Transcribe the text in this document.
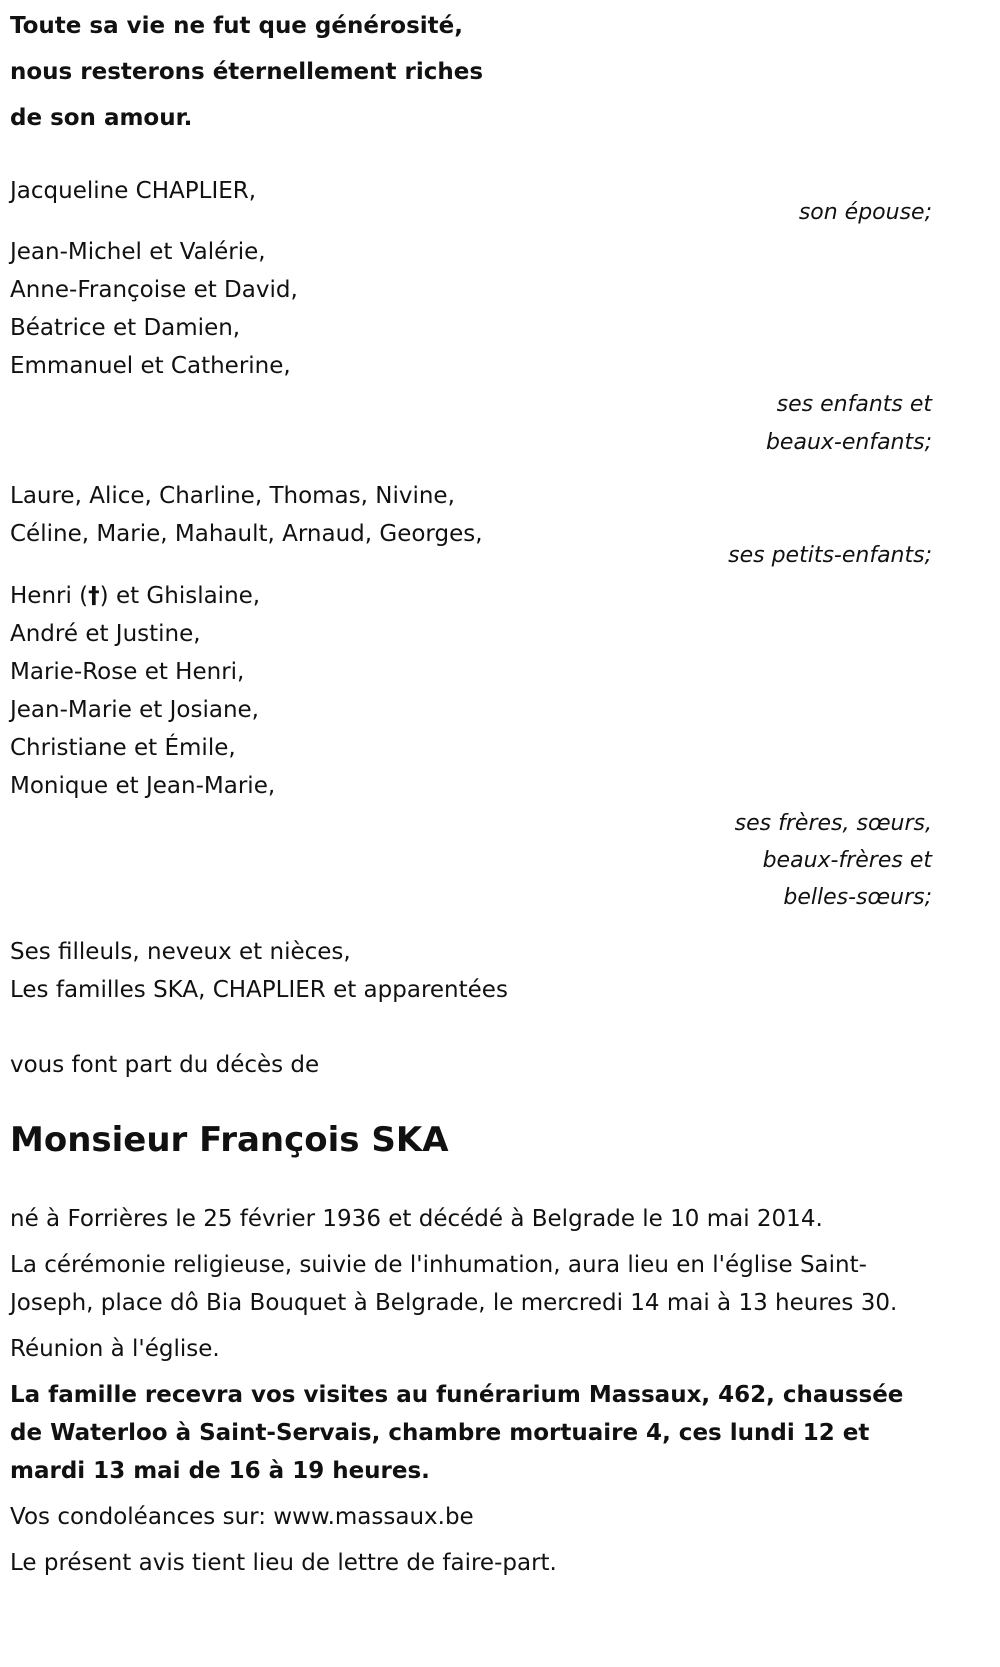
Toute sa vie ne fut que générosité,
nous resterons éternellement riches
de son amour.
Jacqueline CHAPLIER,
son épouse;
Jean-Michel et Valérie,
Anne-Françoise et David,
Béatrice et Damien,
Emmanuel et Catherine,
ses enfants et
beaux-enfants;
Laure, Alice, Charline, Thomas, Nivine,
Céline, Marie, Mahault, Arnaud, Georges,
ses petits-enfants;
Henri (†) et Ghislaine,
André et Justine,
Marie-Rose et Henri,
Jean-Marie et Josiane,
Christiane et Émile,
Monique et Jean-Marie,
ses frères, sœurs,
beaux-frères et
belles-sœurs;
Ses filleuls, neveux et nièces,
Les familles SKA, CHAPLIER et apparentées
vous font part du décès de
Monsieur François SKA

né à Forrières le 25 février 1936 et décédé à Belgrade le 10 mai 2014.

La cérémonie religieuse, suivie de l'inhumation, aura lieu en l'église Saint-Joseph, place dô Bia Bouquet à Belgrade, le mercredi 14 mai à 13 heures 30.

Réunion à l'église.

La famille recevra vos visites au funérarium Massaux, 462, chaussée de Waterloo à Saint-Servais, chambre mortuaire 4, ces lundi 12 et mardi 13 mai de 16 à 19 heures.

Vos condoléances sur: www.massaux.be

Le présent avis tient lieu de lettre de faire-part.
